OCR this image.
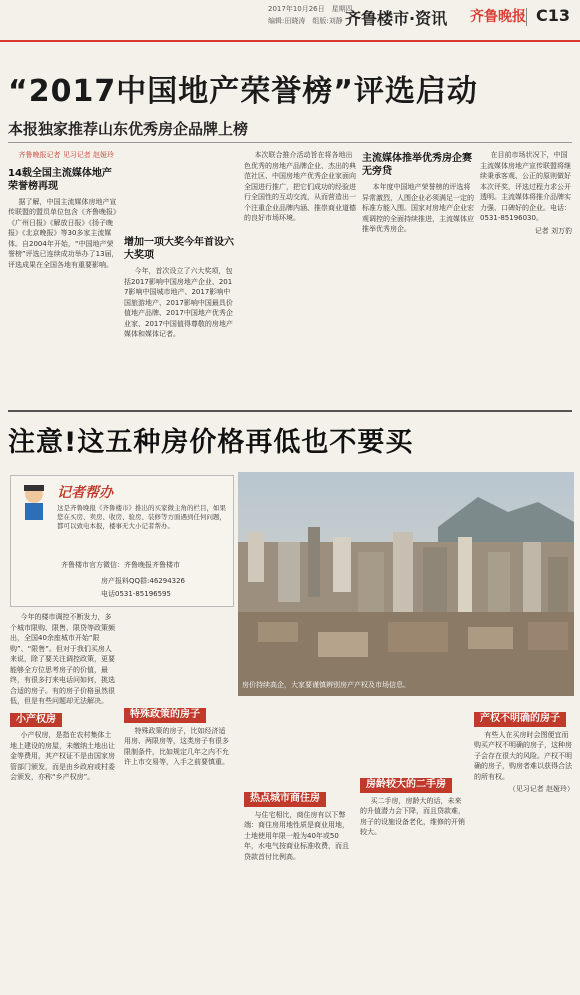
2017年10月26日　星期四
编辑:田晓涛　组版:刘静 齐鲁楼市·资讯 齐鲁晚报 C13
“2017中国地产荣誉榜”评选启动
本报独家推荐山东优秀房企品牌上榜

齐鲁晚报记者 见习记者 赵娅玲

14载全国主流媒体地产荣誉榜再现

据了解，中国主流媒体房地产宣传联盟的盟员单位包含《齐鲁晚报》《广州日报》《解放日报》《扬子晚报》《北京晚报》等30多家主流媒体。自2004年开始，“中国地产荣誉榜”评选已连续成功举办了13届，评选成果在全国各地有重要影响。

增加一项大奖今年首设六大奖项

今年，首次设立了六大奖项，包括2017影响中国房地产企业、2017影响中国城市地产、2017影响中国旅游地产、2017影响中国最具价值地产品牌、2017中国地产优秀企业家、2017中国值得尊敬的房地产媒体和媒体记者。

本次联合推介活动旨在将各地出色优秀的房地产品牌企业、杰出的典范社区、中国房地产优秀企业家面向全国进行推广，把它们成功的经验进行全国性的互动交流，从而营造出一个注重企业品牌内涵、推崇商业道德的良好市场环境。

主流媒体推举优秀房企赛无旁贷

本年度中国地产荣誉榜的评选将异常激烈，人围企业必须满足一定的标准方能入围。国家对房地产企业宏观调控的全面持续推进，主流媒体应推举优秀房企。

在目前市场状况下，中国主流媒体房地产宣传联盟将继续秉承客观、公正的原则做好本次评奖，评选过程力求公开透明。主流媒体将推介品牌实力强、口碑好的企业。电话：0531-85196030。

记者 刘万豹

注意!这五种房价格再低也不要买
记者帮办
这是齐鲁晚报《齐鲁楼市》推出的买家微主角的栏目，如果您在买房、卖房、收房、验房、装修等方面遇到任何问题，都可以致电本报，楼事无大小记者帮办。
齐鲁楼市官方微信：齐鲁晚报齐鲁楼市
房产报料QQ群:46294326
电话0531-85196595
房价持续高企，大家要谨慎辨别房产产权及市场信息。

今年的楼市调控不断发力，多个城市限购、限售、限贷等政策频出，全国40余座城市开始“限购”、“限售”。但对于我们买房人来说，除了要关注调控政策，更要能够全方位思考房子的价值，最终，有很多打来电话问如何，挑选合适的房子。有的房子价格虽然很低，但是有些问题却无法解决。

小产权房

小产权房，是指在农村集体土地上建设的房屋，未缴纳土地出让金等费用，其产权证不是由国家房管部门颁发，而是由乡政府或村委会颁发，亦称“乡产权房”。

特殊政策的房子

特殊政策的房子，比如经济适用房、两限房等，这类房子有很多限制条件，比如规定几年之内不允许上市交易等，入手之前要慎重。

热点城市商住房

与住宅相比，商住房有以下弊端：商住房用地性质是商业用地，土地使用年限一般为40年或50年，水电气按商业标准收费，而且贷款首付比例高。

房龄较大的二手房

买二手房，房龄大的话，未来的升值潜力会下降，而且贷款难，房子的设施设备老化，维修的开销较大。

产权不明确的房子

有些人在买房时会图便宜而购买产权不明确的房子，这种房子会存在很大的风险。产权不明确的房子，购房者难以获得合法的所有权。

（见习记者 赵娅玲）
